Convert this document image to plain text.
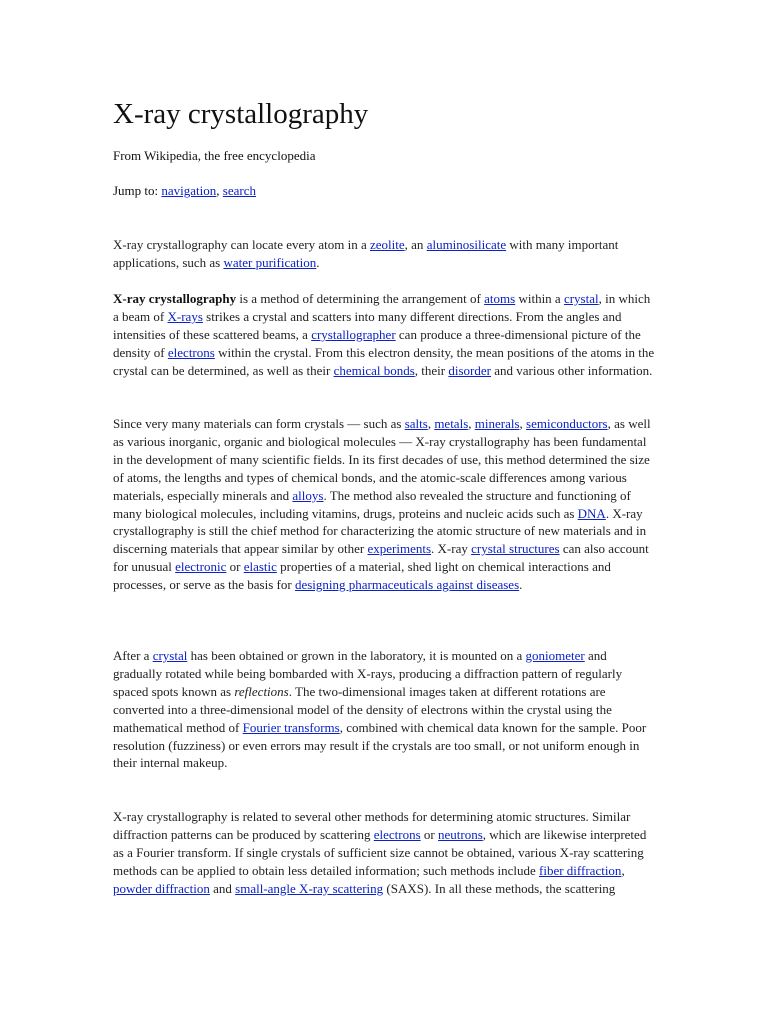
X-ray crystallography
From Wikipedia, the free encyclopedia
Jump to: navigation, search
X-ray crystallography can locate every atom in a zeolite, an aluminosilicate with many important applications, such as water purification.
X-ray crystallography is a method of determining the arrangement of atoms within a crystal, in which a beam of X-rays strikes a crystal and scatters into many different directions. From the angles and intensities of these scattered beams, a crystallographer can produce a three-dimensional picture of the density of electrons within the crystal. From this electron density, the mean positions of the atoms in the crystal can be determined, as well as their chemical bonds, their disorder and various other information.
Since very many materials can form crystals — such as salts, metals, minerals, semiconductors, as well as various inorganic, organic and biological molecules — X-ray crystallography has been fundamental in the development of many scientific fields. In its first decades of use, this method determined the size of atoms, the lengths and types of chemical bonds, and the atomic-scale differences among various materials, especially minerals and alloys. The method also revealed the structure and functioning of many biological molecules, including vitamins, drugs, proteins and nucleic acids such as DNA. X-ray crystallography is still the chief method for characterizing the atomic structure of new materials and in discerning materials that appear similar by other experiments. X-ray crystal structures can also account for unusual electronic or elastic properties of a material, shed light on chemical interactions and processes, or serve as the basis for designing pharmaceuticals against diseases.
After a crystal has been obtained or grown in the laboratory, it is mounted on a goniometer and gradually rotated while being bombarded with X-rays, producing a diffraction pattern of regularly spaced spots known as reflections. The two-dimensional images taken at different rotations are converted into a three-dimensional model of the density of electrons within the crystal using the mathematical method of Fourier transforms, combined with chemical data known for the sample. Poor resolution (fuzziness) or even errors may result if the crystals are too small, or not uniform enough in their internal makeup.
X-ray crystallography is related to several other methods for determining atomic structures. Similar diffraction patterns can be produced by scattering electrons or neutrons, which are likewise interpreted as a Fourier transform. If single crystals of sufficient size cannot be obtained, various X-ray scattering methods can be applied to obtain less detailed information; such methods include fiber diffraction, powder diffraction and small-angle X-ray scattering (SAXS). In all these methods, the scattering
